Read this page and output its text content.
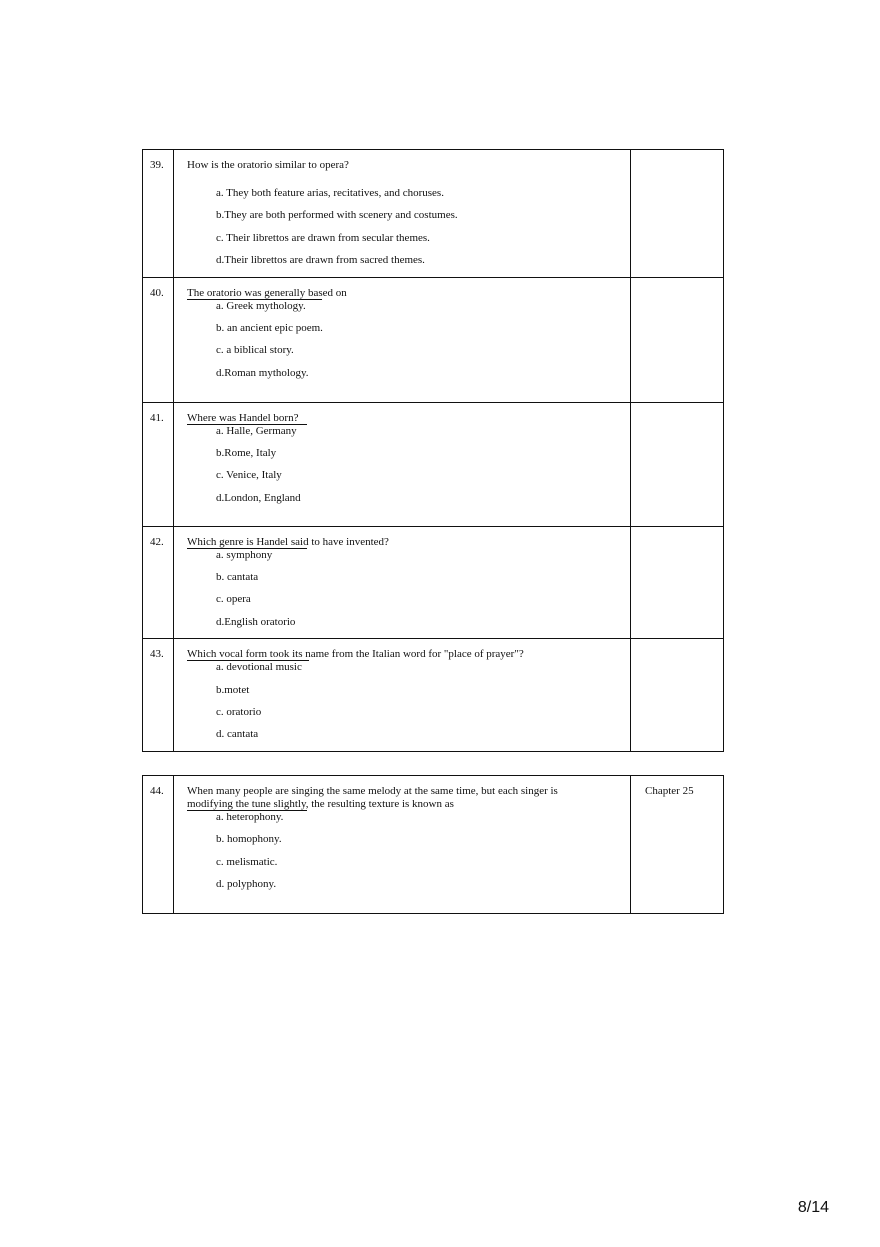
39.	How is the oratorio similar to opera?
a. They both feature arias, recitatives, and choruses.
b.They are both performed with scenery and costumes.
c. Their librettos are drawn from secular themes.
d.Their librettos are drawn from sacred themes.	

40.	The oratorio was generally based on
a. Greek mythology.
b. an ancient epic poem.
c. a biblical story.
d.Roman mythology.	

41.	Where was Handel born?
a. Halle, Germany
b.Rome, Italy
c. Venice, Italy
d.London, England	

42.	Which genre is Handel said to have invented?
a. symphony
b. cantata
c. opera
d.English oratorio	

43.	Which vocal form took its name from the Italian word for "place of prayer"?
a. devotional music
b.motet
c. oratorio
d. cantata	

44.	When many people are singing the same melody at the same time, but each singer is
modifying the tune slightly, the resulting texture is known as
a. heterophony.
b. homophony.
c. melismatic.
d. polyphony.

Chapter 25
8/14
